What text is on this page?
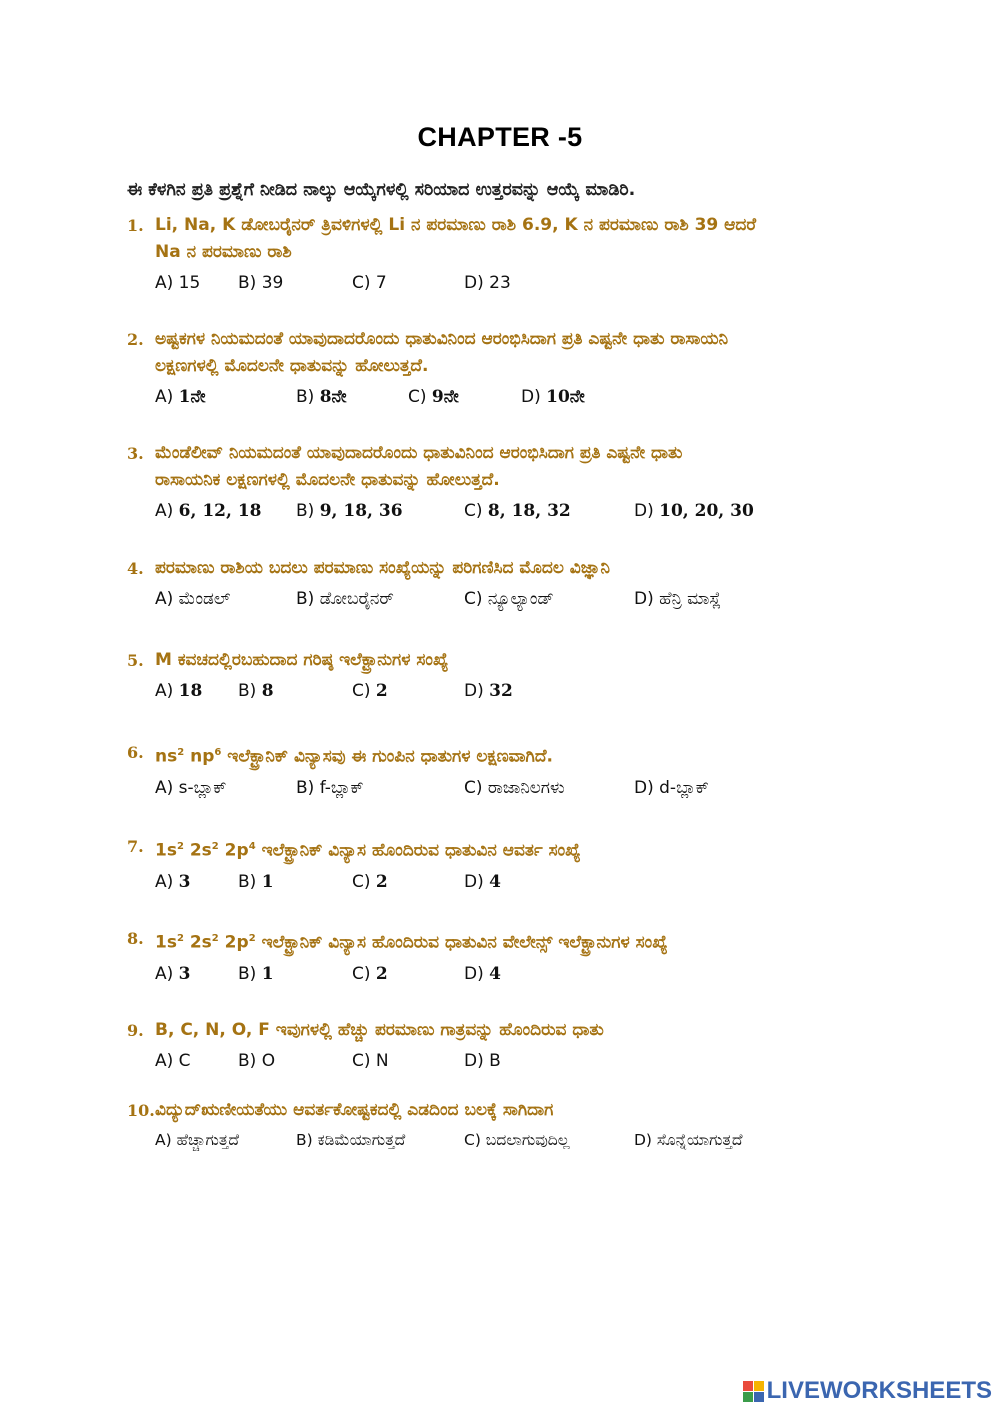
CHAPTER -5
ಈ ಕೆಳಗಿನ ಪ್ರತಿ ಪ್ರಶ್ನೆಗೆ ನೀಡಿದ ನಾಲ್ಕು ಆಯ್ಕೆಗಳಲ್ಲಿ ಸರಿಯಾದ ಉತ್ತರವನ್ನು ಆಯ್ಕೆ ಮಾಡಿರಿ.
1. Li, Na, K ಡೋಬರೈನರ್ ತ್ರಿವಳಿಗಳಲ್ಲಿ Li ನ ಪರಮಾಣು ರಾಶಿ 6.9, K ನ ಪರಮಾಣು ರಾಶಿ 39 ಆದರೆ
Na ನ ಪರಮಾಣು ರಾಶಿ
A) 15 B) 39	C) 7	D) 23
2. ಅಷ್ಟಕಗಳ ನಿಯಮದಂತೆ ಯಾವುದಾದರೊಂದು ಧಾತುವಿನಿಂದ ಆರಂಭಿಸಿದಾಗ ಪ್ರತಿ ಎಷ್ಟನೇ ಧಾತು ರಾಸಾಯನಿ
ಲಕ್ಷಣಗಳಲ್ಲಿ ಮೊದಲನೇ ಧಾತುವನ್ನು ಹೋಲುತ್ತದೆ.
A) 1ನೇ	B) 8ನೇ	C) 9ನೇ	D) 10ನೇ
3. ಮೆಂಡೆಲೀವ್ ನಿಯಮದಂತೆ ಯಾವುದಾದರೊಂದು ಧಾತುವಿನಿಂದ ಆರಂಭಿಸಿದಾಗ ಪ್ರತಿ ಎಷ್ಟನೇ ಧಾತು
ರಾಸಾಯನಿಕ ಲಕ್ಷಣಗಳಲ್ಲಿ ಮೊದಲನೇ ಧಾತುವನ್ನು ಹೋಲುತ್ತದೆ.
A) 6, 12, 18 B) 9, 18, 36	C) 8, 18, 32	D) 10, 20, 30
4. ಪರಮಾಣು ರಾಶಿಯ ಬದಲು ಪರಮಾಣು ಸಂಖ್ಯೆಯನ್ನು ಪರಿಗಣಿಸಿದ ಮೊದಲ ವಿಜ್ಞಾನಿ
A) ಮೆಂಡಲ್	B) ಡೋಬರೈನರ್	C) ನ್ಯೂಲ್ಯಾಂಡ್	D) ಹೆನ್ರಿ ಮಾಸ್ಲೆ
5. M ಕವಚದಲ್ಲಿರಬಹುದಾದ ಗರಿಷ್ಠ ಇಲೆಕ್ಟ್ರಾನುಗಳ ಸಂಖ್ಯೆ
A) 18 B) 8	C) 2	D) 32
6. $ns^2$ $np^6$ ಇಲೆಕ್ಟ್ರಾನಿಕ್ ವಿನ್ಯಾಸವು ಈ ಗುಂಪಿನ ಧಾತುಗಳ ಲಕ್ಷಣವಾಗಿದೆ.
A) s-ಬ್ಲಾಕ್	B) f-ಬ್ಲಾಕ್	C) ರಾಜಾನಿಲಗಳು	D) d-ಬ್ಲಾಕ್
7. $1s^2$ $2s^2$ $2p^4$ ಇಲೆಕ್ಟ್ರಾನಿಕ್ ವಿನ್ಯಾಸ ಹೊಂದಿರುವ ಧಾತುವಿನ ಆವರ್ತ ಸಂಖ್ಯೆ
A) 3	B) 1	C) 2	D) 4
8. $1s^2$ $2s^2$ $2p^2$ ಇಲೆಕ್ಟ್ರಾನಿಕ್ ವಿನ್ಯಾಸ ಹೊಂದಿರುವ ಧಾತುವಿನ ವೇಲೇನ್ಸ್ ಇಲೆಕ್ಟ್ರಾನುಗಳ ಸಂಖ್ಯೆ
A) 3	B) 1	C) 2	D) 4
9. B, C, N, O, F ಇವುಗಳಲ್ಲಿ ಹೆಚ್ಚು ಪರಮಾಣು ಗಾತ್ರವನ್ನು ಹೊಂದಿರುವ ಧಾತು
A) C	B) O	C) N	D) B
10. ವಿದ್ಯುದ್ಋಣೀಯತೆಯು ಆವರ್ತಕೋಷ್ಟಕದಲ್ಲಿ ಎಡದಿಂದ ಬಲಕ್ಕೆ ಸಾಗಿದಾಗ
A) ಹೆಚ್ಚಾಗುತ್ತದೆ	B) ಕಡಿಮೆಯಾಗುತ್ತದೆ	C) ಬದಲಾಗುವುದಿಲ್ಲ	D) ಸೊನ್ನೆಯಾಗುತ್ತದೆ
LIVEWORKSHEETS
